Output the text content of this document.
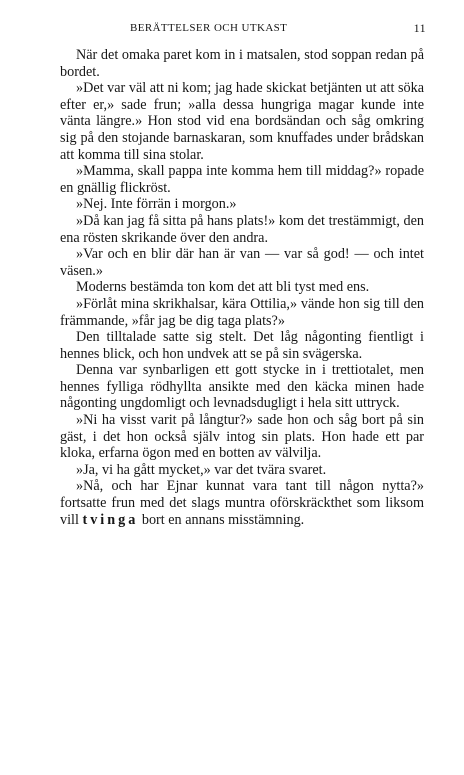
BERÄTTELSER OCH UTKAST	11

När det omaka paret kom in i matsalen, stod soppan redan på bordet.

»Det var väl att ni kom; jag hade skickat betjänten ut att söka efter er,» sade frun; »alla dessa hungriga magar kunde inte vänta längre.» Hon stod vid ena bordsändan och såg omkring sig på den stojande barnaskaran, som knuffades under brådskan att komma till sina stolar.

»Mamma, skall pappa inte komma hem till middag?» ropade en gnällig flickröst.

»Nej. Inte förrän i morgon.»

»Då kan jag få sitta på hans plats!» kom det trestämmigt, den ena rösten skrikande över den andra.

»Var och en blir där han är van — var så god! — och intet väsen.»

Moderns bestämda ton kom det att bli tyst med ens.

»Förlåt mina skrikhalsar, kära Ottilia,» vände hon sig till den främmande, »får jag be dig taga plats?»

Den tilltalade satte sig stelt. Det låg någonting fientligt i hennes blick, och hon undvek att se på sin svägerska.

Denna var synbarligen ett gott stycke in i trettiotalet, men hennes fylliga rödhyllta ansikte med den käcka minen hade någonting ungdomligt och levnadsdugligt i hela sitt uttryck.

»Ni ha visst varit på långtur?» sade hon och såg bort på sin gäst, i det hon också själv intog sin plats. Hon hade ett par kloka, erfarna ögon med en botten av välvilja.

»Ja, vi ha gått mycket,» var det tvära svaret.

»Nå, och har Ejnar kunnat vara tant till någon nytta?» fortsatte frun med det slags muntra oförskräckthet som liksom vill tvinga bort en annans misstämning.
